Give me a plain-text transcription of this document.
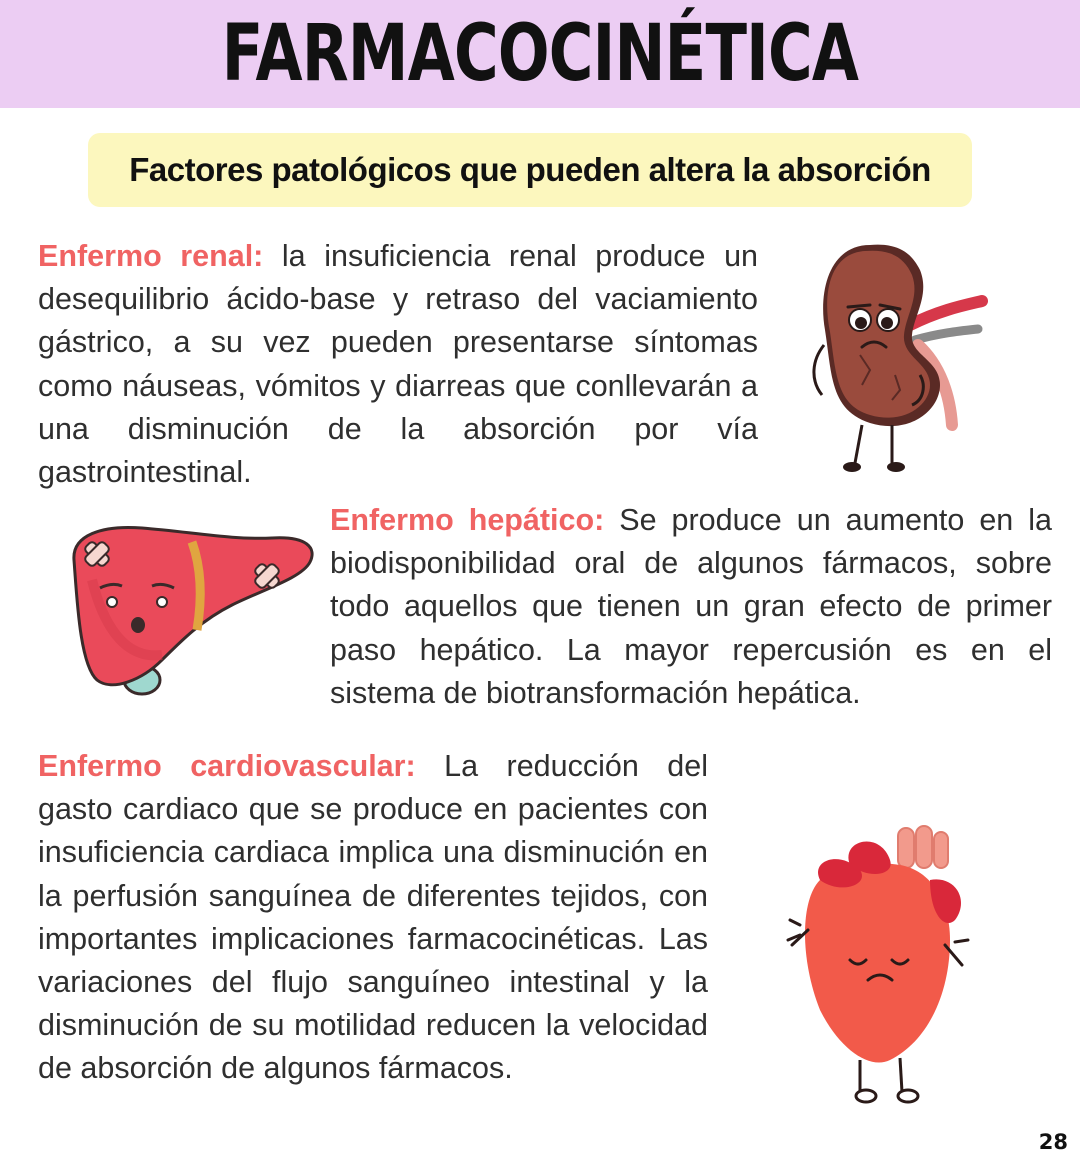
FARMACOCINÉTICA
Factores patológicos que pueden altera la absorción

Enfermo renal: la insuficiencia renal produce un desequilibrio ácido-base y retraso del vaciamiento gástrico, a su vez pueden presentarse síntomas como náuseas, vómitos y diarreas que conllevarán a una disminución de la absorción por vía gastrointestinal.

Enfermo hepático: Se produce un aumento en la biodisponibilidad oral de algunos fármacos, sobre todo aquellos que tienen un gran efecto de primer paso hepático. La mayor repercusión es en el sistema de biotransformación hepática.

Enfermo cardiovascular: La reducción del gasto cardiaco que se produce en pacientes con insuficiencia cardiaca implica una disminución en la perfusión sanguínea de diferentes tejidos, con importantes implicaciones farmacocinéticas. Las variaciones del flujo sanguíneo intestinal y la disminución de su motilidad reducen la velocidad de absorción de algunos fármacos.

28
